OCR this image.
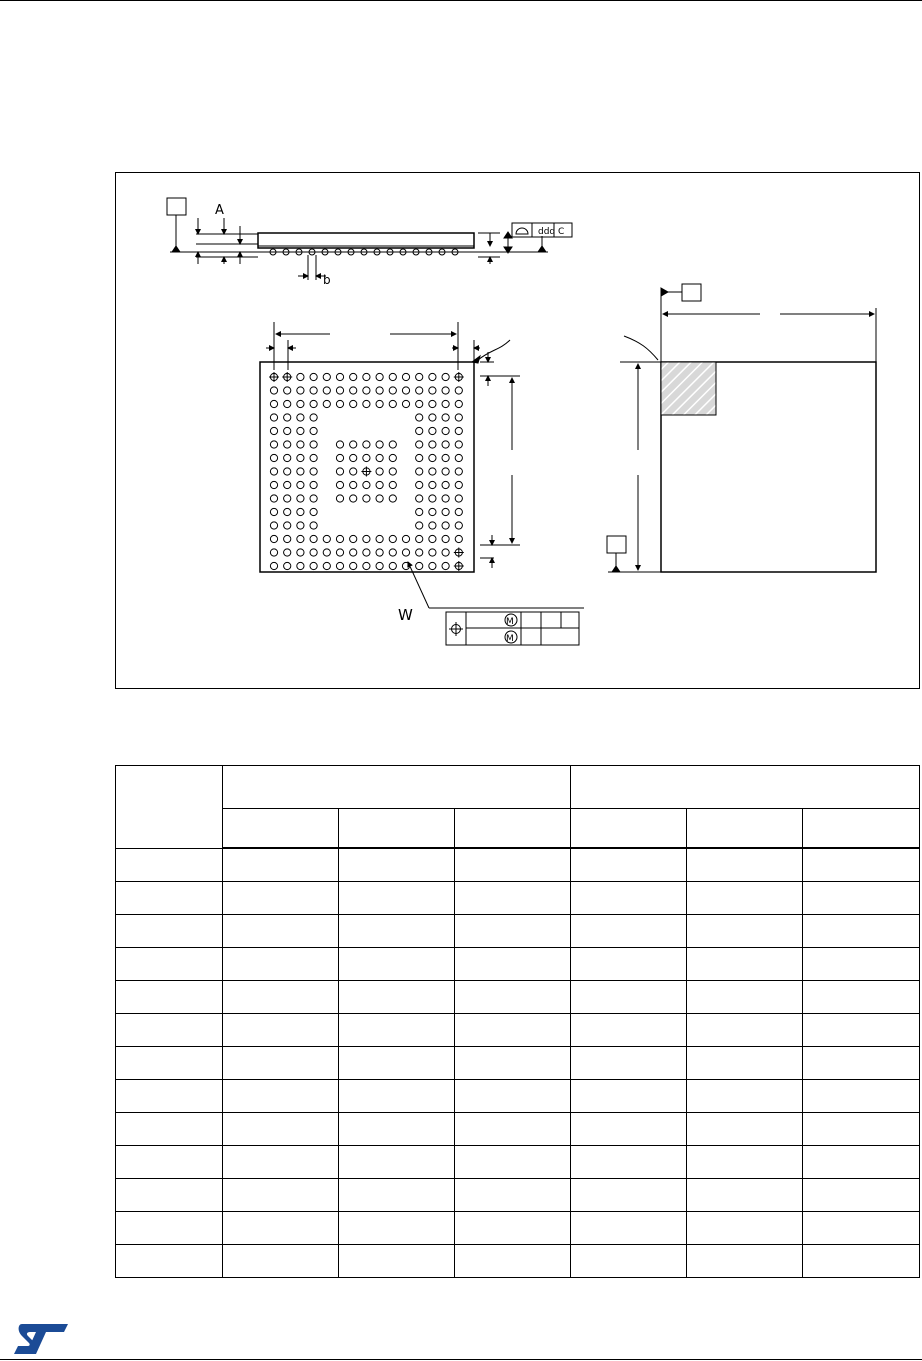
A
b
ddd C
W	M
M
